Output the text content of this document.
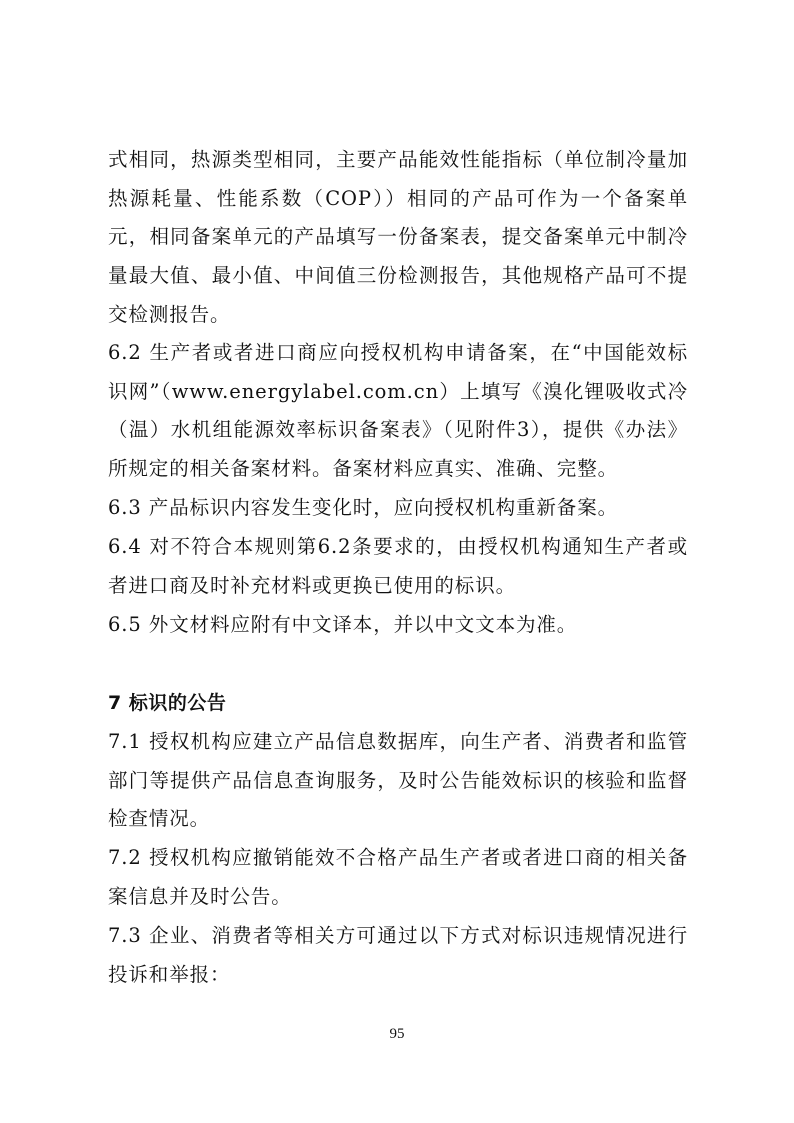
式相同，热源类型相同，主要产品能效性能指标（单位制冷量加热源耗量、性能系数（COP））相同的产品可作为一个备案单元，相同备案单元的产品填写一份备案表，提交备案单元中制冷量最大值、最小值、中间值三份检测报告，其他规格产品可不提交检测报告。

6.2 生产者或者进口商应向授权机构申请备案，在“中国能效标识网”（www.energylabel.com.cn）上填写《溴化锂吸收式冷（温）水机组能源效率标识备案表》（见附件3），提供《办法》所规定的相关备案材料。备案材料应真实、准确、完整。

6.3 产品标识内容发生变化时，应向授权机构重新备案。

6.4 对不符合本规则第6.2条要求的，由授权机构通知生产者或者进口商及时补充材料或更换已使用的标识。

6.5 外文材料应附有中文译本，并以中文文本为准。

7 标识的公告

7.1 授权机构应建立产品信息数据库，向生产者、消费者和监管部门等提供产品信息查询服务，及时公告能效标识的核验和监督检查情况。

7.2 授权机构应撤销能效不合格产品生产者或者进口商的相关备案信息并及时公告。

7.3 企业、消费者等相关方可通过以下方式对标识违规情况进行投诉和举报：

95
